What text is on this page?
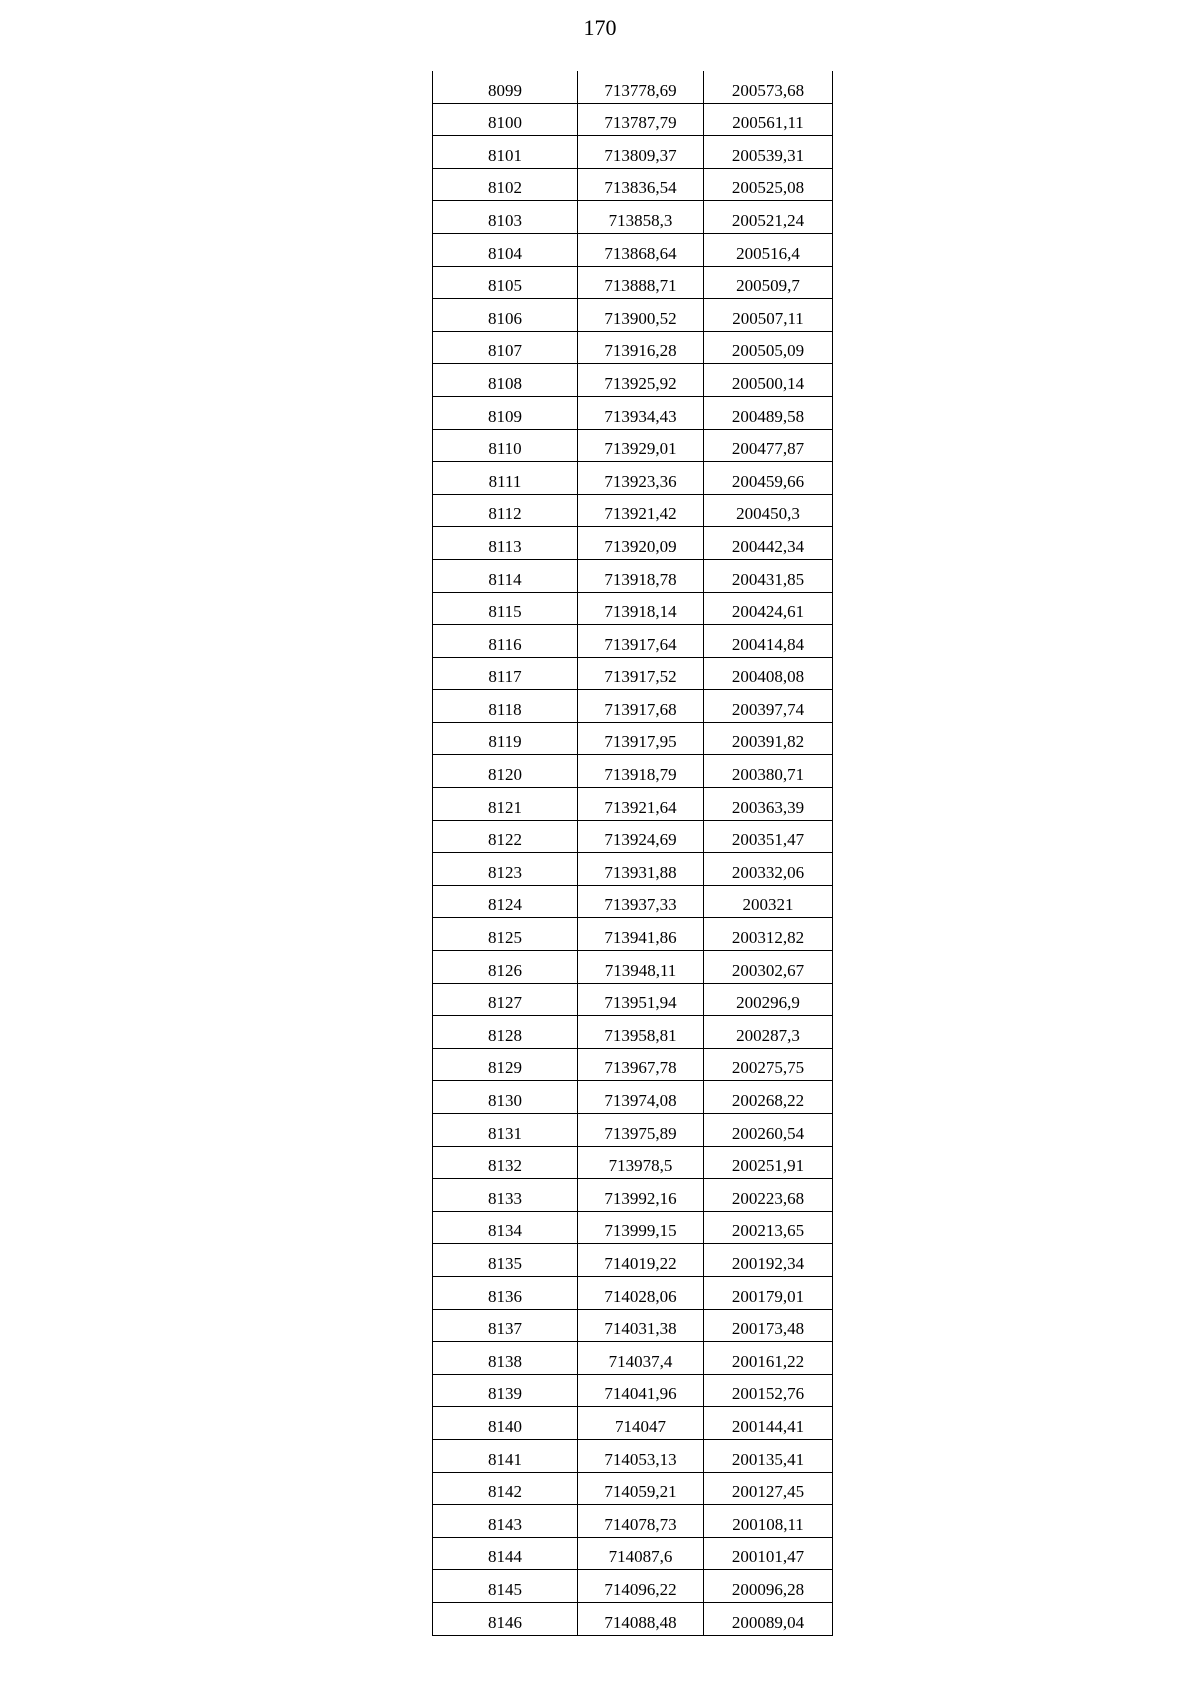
170
8099	713778,69	200573,68
8100	713787,79	200561,11
8101	713809,37	200539,31
8102	713836,54	200525,08
8103	713858,3	200521,24
8104	713868,64	200516,4
8105	713888,71	200509,7
8106	713900,52	200507,11
8107	713916,28	200505,09
8108	713925,92	200500,14
8109	713934,43	200489,58
8110	713929,01	200477,87
8111	713923,36	200459,66
8112	713921,42	200450,3
8113	713920,09	200442,34
8114	713918,78	200431,85
8115	713918,14	200424,61
8116	713917,64	200414,84
8117	713917,52	200408,08
8118	713917,68	200397,74
8119	713917,95	200391,82
8120	713918,79	200380,71
8121	713921,64	200363,39
8122	713924,69	200351,47
8123	713931,88	200332,06
8124	713937,33	200321
8125	713941,86	200312,82
8126	713948,11	200302,67
8127	713951,94	200296,9
8128	713958,81	200287,3
8129	713967,78	200275,75
8130	713974,08	200268,22
8131	713975,89	200260,54
8132	713978,5	200251,91
8133	713992,16	200223,68
8134	713999,15	200213,65
8135	714019,22	200192,34
8136	714028,06	200179,01
8137	714031,38	200173,48
8138	714037,4	200161,22
8139	714041,96	200152,76
8140	714047	200144,41
8141	714053,13	200135,41
8142	714059,21	200127,45
8143	714078,73	200108,11
8144	714087,6	200101,47
8145	714096,22	200096,28
8146	714088,48	200089,04
